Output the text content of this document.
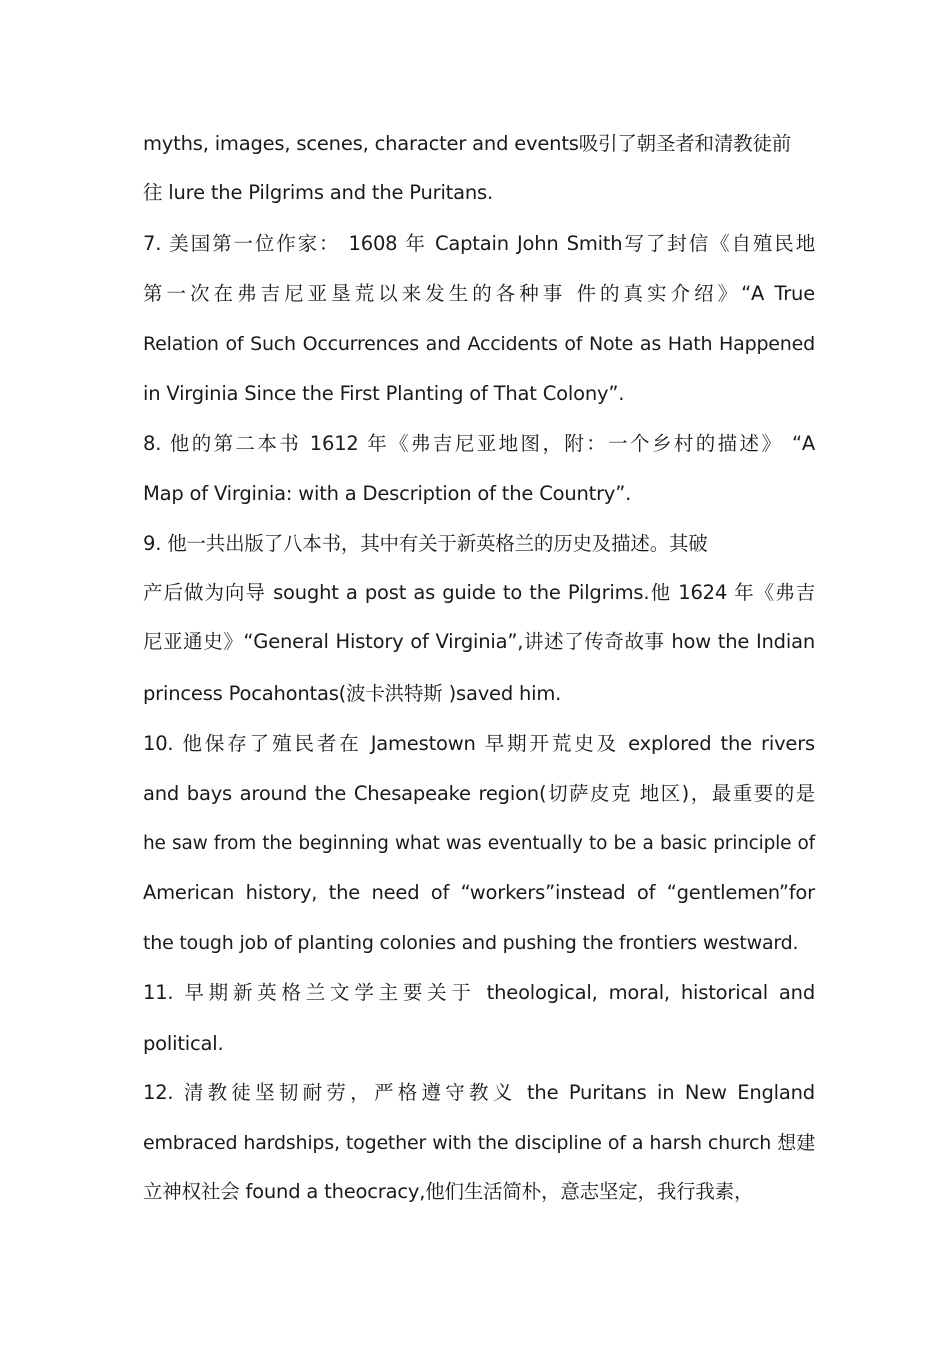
myths, images, scenes, character and events吸引了朝圣者和清教徒前
往 lure the Pilgrims and the Puritans.
7. 美国第一位作家： 1608 年 Captain John Smith写了封信《自殖民地
第一次在弗吉尼亚垦荒以来发生的各种事 件的真实介绍》“A True
Relation of Such Occurrences and Accidents of Note as Hath Happened
in Virginia Since the First Planting of That Colony”.
8. 他的第二本书 1612 年《弗吉尼亚地图，附：一个乡村的描述》 “A
Map of Virginia: with a Description of the Country”.
9. 他一共出版了八本书，其中有关于新英格兰的历史及描述。其破
产后做为向导 sought a post as guide to the Pilgrims.他 1624 年《弗吉
尼亚通史》“General History of Virginia”,讲述了传奇故事 how the Indian
princess Pocahontas(波卡洪特斯 )saved him.
10. 他保存了殖民者在 Jamestown 早期开荒史及 explored the rivers
and bays around the Chesapeake region(切萨皮克 地区)，最重要的是
he saw from the beginning what was eventually to be a basic principle of
American history, the need of “workers”instead of “gentlemen”for
the tough job of planting colonies and pushing the frontiers westward.
11. 早期新英格兰文学主要关于 theological, moral, historical and
political.
12. 清教徒坚韧耐劳，严格遵守教义 the Puritans in New England
embraced hardships, together with the discipline of a harsh church 想建
立神权社会 found a theocracy,他们生活简朴，意志坚定，我行我素，
